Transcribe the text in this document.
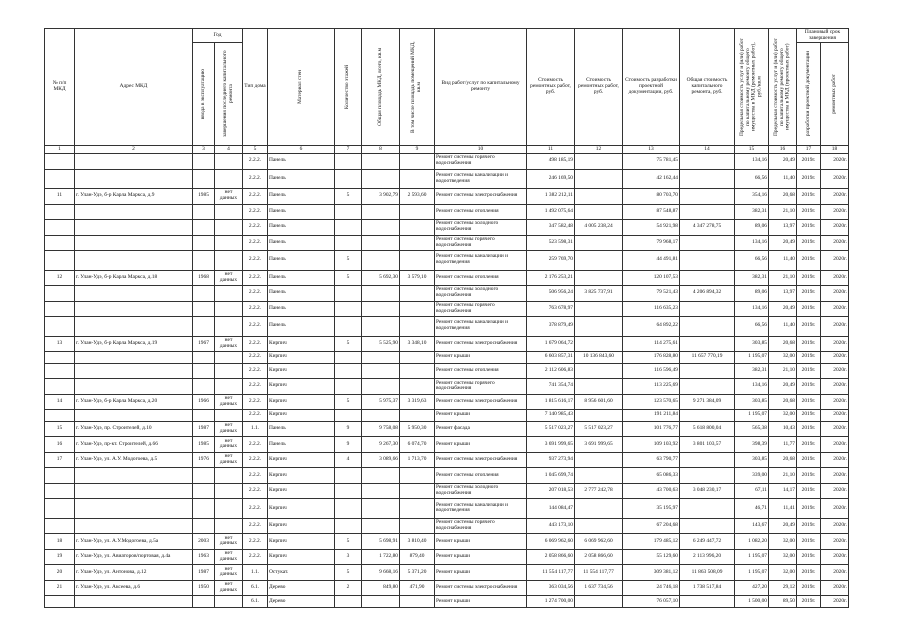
№ п/п МКД	Адрес МКД	Год		Тип дома	Материал стен	Количество этажей	Общая площадь МКД, всего, кв.м	В том числе площадь помещений МКД, кв.м	Вид работ/услуг по капитальному ремонту	Стоимость ремонтных работ, руб.	Стоимость ремонтных работ, руб.	Стоимость разработки проектной документации, руб.	Общая стоимость капитального ремонта, руб.	Предельная стоимость услуг и (или) работ по капитальному ремонту общего имущества в МКД (ремонтных работ), руб./кв.м	Предельная стоимость услуг и (или) работ по капитальному ремонту общего имущества в МКД (проектных работ)	Плановый срок завершения	

		ввода в эксплуатацию	завершения последнего капитального ремонта													разработки проектной документации	ремонтных работ

1	2	3	4	5	6	7	8	9	10	11	12	13	14	15	16	17	18
				2.2.2.	Панель				Ремонт системы горячего водоснабжения	498 185,19		75 781,45		134,16	20,49	2019г.	2020г.
				2.2.2.	Панель				Ремонт системы канализации и водоотведения	246 169,50		42 162,44		66,56	11,40	2019г.	2020г.
11	г. Улан-Удэ, б-р Карла Маркса, д.9	1985	нет данных	2.2.2.	Панель	5	3 902,79	2 593,60	Ремонт системы электроснабжения	1 382 212,11		80 703,70		354,16	20,68	2019г.	2020г.
				2.2.2.	Панель				Ремонт системы отопления	1 492 075,64		87 548,87		382,31	21,10	2019г.	2020г.
				2.2.2.	Панель				Ремонт системы холодного водоснабжения	347 582,48	4 005 238,24	54 921,98	4 347 278,75	89,06	13,97	2019г.	2020г.
				2.2.2.	Панель				Ремонт системы горячего водоснабжения	523 598,31		79 968,17		134,16	20,49	2019г.	2020г.
				2.2.2.	Панель	5			Ремонт системы канализации и водоотведения	259 769,70		44 491,81		66,56	11,40	2019г.	2020г.
12	г. Улан-Удэ, б-р Карла Маркса, д.18	1968	нет данных	2.2.2.	Панель	5	5 692,30	3 579,10	Ремонт системы отопления	2 176 253,21		120 107,53		382,31	21,10	2019г.	2020г.
				2.2.2.	Панель				Ремонт системы холодного водоснабжения	506 956,24	3 825 737,91	79 521,43	4 206 894,32	89,06	13,97	2019г.	2020г.
				2.2.2.	Панель				Ремонт системы горячего водоснабжения	763 678,97		116 635,23		134,16	20,49	2019г.	2020г.
				2.2.2.	Панель				Ремонт системы канализации и водоотведения	378 879,49		64 892,22		66,56	11,40	2019г.	2020г.
13	г. Улан-Удэ, б-р Карла Маркса, д.19	1967	нет данных	2.2.2.	Кирпич	5	5 525,90	3 348,10	Ремонт системы электроснабжения	1 679 064,72		114 275,61		303,85	20,68	2019г.	2020г.
				2.2.2.	Кирпич				Ремонт крыши	6 603 857,31	10 136 843,60	176 828,80	11 657 770,19	1 195,07	32,00	2019г.	2020г.
				2.2.2.	Кирпич				Ремонт системы отопления	2 112 606,83		116 596,49		382,31	21,10	2019г.	2020г.
				2.2.2.	Кирпич				Ремонт системы горячего водоснабжения	741 354,74		113 225,69		134,16	20,49	2019г.	2020г.
14	г. Улан-Удэ, б-р Карла Маркса, д.20	1966	нет данных	2.2.2.	Кирпич	5	5 975,37	3 319,63	Ремонт системы электроснабжения	1 815 616,17	8 956 601,60	123 570,65	9 271 384,09	303,85	20,68	2019г.	2020г.
				2.2.2.	Кирпич				Ремонт крыши	7 140 985,43		191 211,84		1 195,07	32,00	2019г.	2020г.
15	г. Улан-Удэ, пр. Строителей, д.10	1987	нет данных	1.1.	Панель	9	9 758,08	5 950,30	Ремонт фасада	5 517 023,27	5 517 023,27	101 776,77	5 618 800,04	565,38	10,43	2019г.	2020г.
16	г. Улан-Удэ, пр-кт. Строителей, д.66	1985	нет данных	2.2.2.	Панель	9	9 267,30	6 074,70	Ремонт крыши	3 691 999,65	3 691 999,65	109 103,92	3 801 103,57	398,39	11,77	2019г.	2020г.
17	г. Улан-Удэ, ул. А.У. Модогоева, д.5	1976	нет данных	2.2.2.	Кирпич	4	3 089,66	1 713,70	Ремонт системы электроснабжения	937 273,94		63 790,77		303,85	20,68	2019г.	2020г.
				2.2.2.	Кирпич				Ремонт системы отопления	1 045 699,74		65 086,33		339,00	21,10	2019г.	2020г.
				2.2.2.	Кирпич				Ремонт системы холодного водоснабжения	207 018,53	2 777 242,78	43 700,63	3 048 230,17	67,11	14,17	2019г.	2020г.
				2.2.2.	Кирпич				Ремонт системы канализации и водоотведения	144 084,47		35 195,97		46,71	11,41	2019г.	2020г.
				2.2.2.	Кирпич				Ремонт системы горячего водоснабжения	443 173,10		67 204,68		143,67	20,49	2019г.	2020г.
18	г. Улан-Удэ, ул. А.У.Модогоева, д.5а	2003	нет данных	2.2.2.	Кирпич	5	5 698,91	3 810,40	Ремонт крыши	6 069 962,60	6 069 962,60	179 485,12	6 249 447,72	1 082,20	32,00	2019г.	2020г.
19	г. Улан-Удэ, ул. Авиаторов/портовая, д.4а	1963	нет данных	2.2.2.	Кирпич	3	1 722,80	879,40	Ремонт крыши	2 058 866,60	2 058 866,60	55 129,60	2 113 996,20	1 195,07	32,00	2019г.	2020г.
20	г. Улан-Удэ, ул. Антонова, д.12	1987	нет данных	1.1.	Остукат.	5	9 668,16	5 371,20	Ремонт крыши	11 554 117,77	11 554 117,77	309 381,12	11 863 508,09	1 195,07	32,00	2019г.	2020г.
21	г. Улан-Удэ, ул. Аксеева, д.6	1950	нет данных	6.1.	Дерево	2	849,80	471,90	Ремонт системы электроснабжения	363 034,56	1 637 734,56	24 746,18	1 738 517,84	427,20	29,12	2019г.	2020г.
				6.1.	Дерево				Ремонт крыши	1 274 700,00		76 057,10		1 500,00	89,50	2019г.	2020г.
